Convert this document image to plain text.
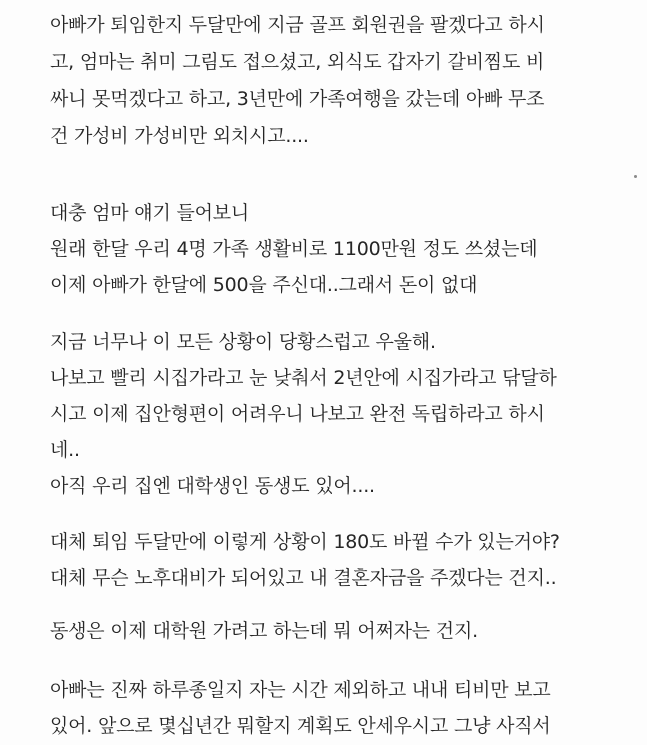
아빠가 퇴임한지 두달만에 지금 골프 회원권을 팔겠다고 하시
고, 엄마는 취미 그림도 접으셨고, 외식도 갑자기 갈비찜도 비
싸니 못먹겠다고 하고, 3년만에 가족여행을 갔는데 아빠 무조
건 가성비 가성비만 외치시고....
대충 엄마 얘기 들어보니
원래 한달 우리 4명 가족 생활비로 1100만원 정도 쓰셨는데
이제 아빠가 한달에 500을 주신대..그래서 돈이 없대
지금 너무나 이 모든 상황이 당황스럽고 우울해.
나보고 빨리 시집가라고 눈 낮춰서 2년안에 시집가라고 닦달하
시고 이제 집안형편이 어려우니 나보고 완전 독립하라고 하시
네..
아직 우리 집엔 대학생인 동생도 있어....
대체 퇴임 두달만에 이렇게 상황이 180도 바뀔 수가 있는거야?
대체 무슨 노후대비가 되어있고 내 결혼자금을 주겠다는 건지..
동생은 이제 대학원 가려고 하는데 뭐 어쩌자는 건지.
아빠는 진짜 하루종일지 자는 시간 제외하고 내내 티비만 보고
있어. 앞으로 몇십년간 뭐할지 계획도 안세우시고 그냥 사직서
